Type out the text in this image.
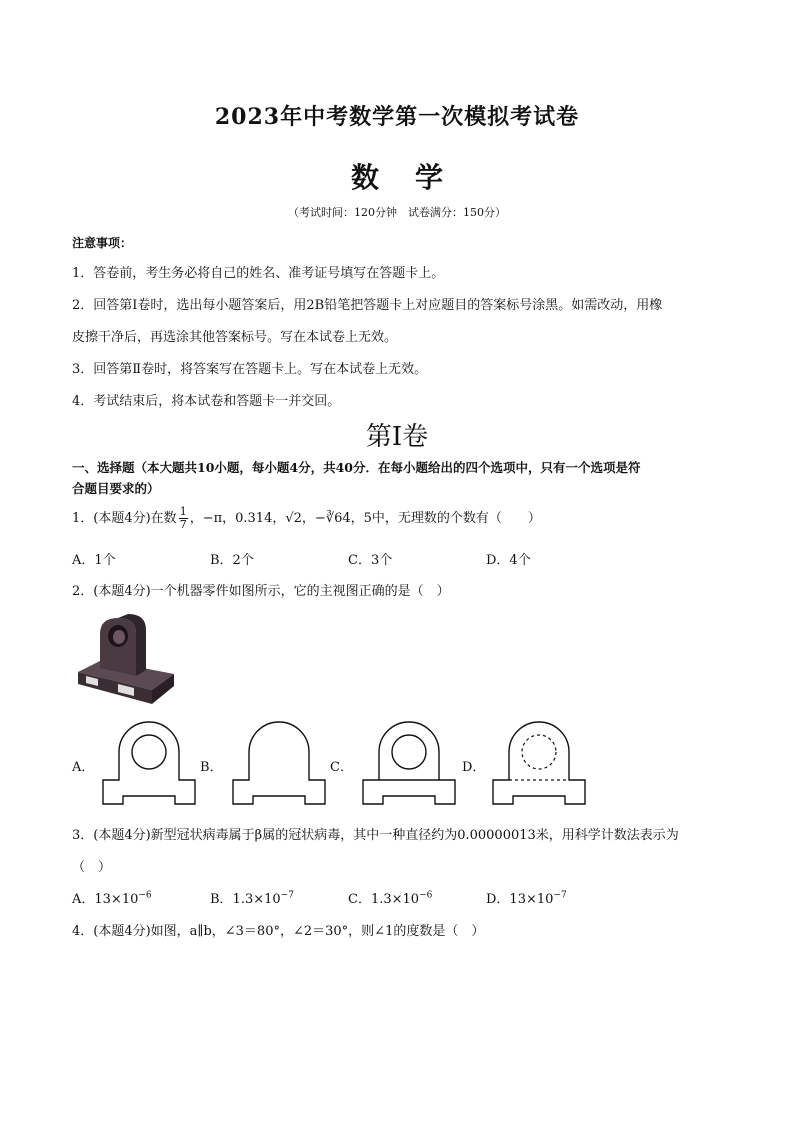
2023年中考数学第一次模拟考试卷
数 学
（考试时间：120分钟　试卷满分：150分）
注意事项：
1．答卷前，考生务必将自己的姓名、准考证号填写在答题卡上。
2．回答第Ⅰ卷时，选出每小题答案后，用2B铅笔把答题卡上对应题目的答案标号涂黑。如需改动，用橡
皮擦干净后，再选涂其他答案标号。写在本试卷上无效。
3．回答第Ⅱ卷时，将答案写在答题卡上。写在本试卷上无效。
4．考试结束后，将本试卷和答题卡一并交回。
第Ⅰ卷
一、选择题（本大题共10小题，每小题4分，共40分．在每小题给出的四个选项中，只有一个选项是符
合题目要求的）
1．(本题4分)在数 $\frac{1}{7}$ ，−π，0.314，√2，−∛64，5中，无理数的个数有（　　）
A．1个	B．2个	C．3个	D．4个
2．(本题4分)一个机器零件如图所示，它的主视图正确的是（　）
A．	B．	C．	D．
3．(本题4分)新型冠状病毒属于β属的冠状病毒，其中一种直径约为0.00000013米，用科学计数法表示为
（　）
A．$13\times 10^{-6}$	B．$1.3\times 10^{-7}$	C．$1.3\times 10^{-6}$	D．$13\times 10^{-7}$
4．(本题4分)如图，a∥b，∠3＝80°，∠2＝30°，则∠1的度数是（　）
